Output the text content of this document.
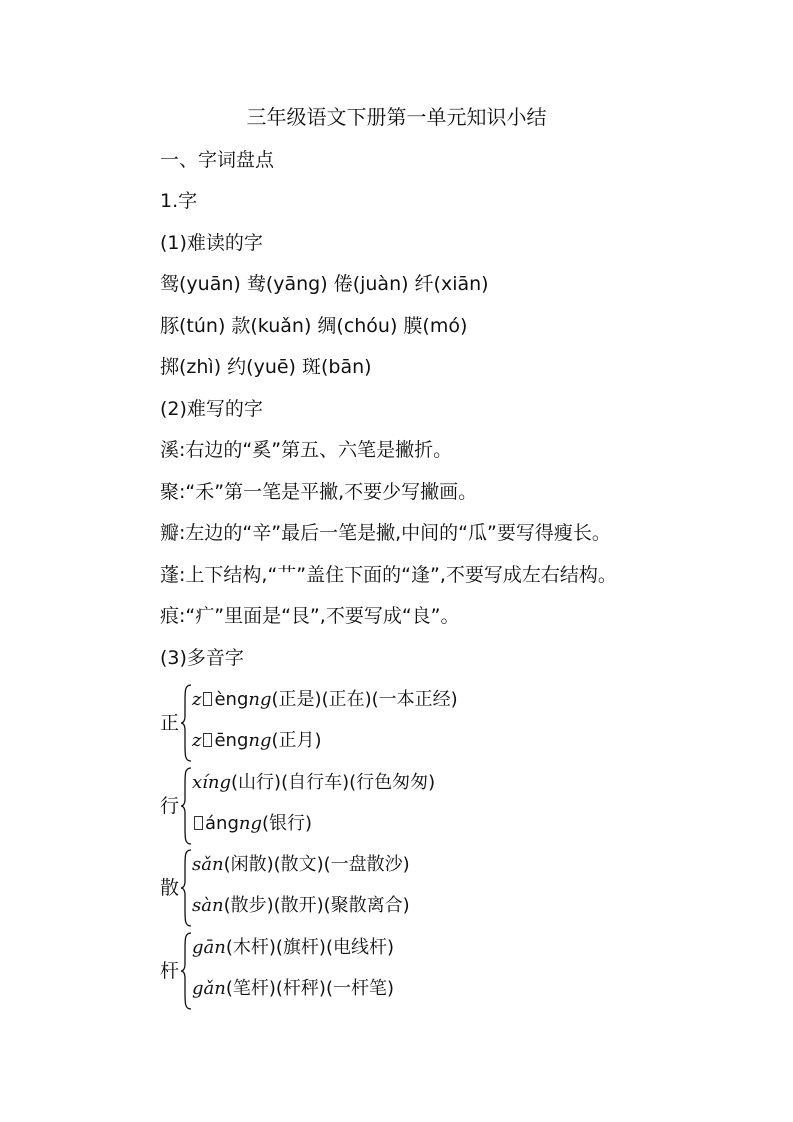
三年级语文下册第一单元知识小结
一、字词盘点
1.字
(1)难读的字
鸳(yuān) 鸯(yāng) 倦(juàn) 纤(xiān)
豚(tún) 款(kuǎn) 绸(chóu) 膜(mó)
掷(zhì) 约(yuē) 斑(bān)
(2)难写的字
溪:右边的“奚”第五、六笔是撇折。
聚:“禾”第一笔是平撇,不要少写撇画。
瓣:左边的“辛”最后一笔是撇,中间的“瓜”要写得瘦长。
蓬:上下结构,“艹”盖住下面的“逢”,不要写成左右结构。
痕:“疒”里面是“艮”,不要写成“良”。
(3)多音字
正
z èngng(正是)(正在)(一本正经)
z ēngng(正月)
行
xíng(山行)(自行车)(行色匆匆)
ángng(银行)
散
sǎn(闲散)(散文)(一盘散沙)
sàn(散步)(散开)(聚散离合)
杆
gān(木杆)(旗杆)(电线杆)
gǎn(笔杆)(杆秤)(一杆笔)
